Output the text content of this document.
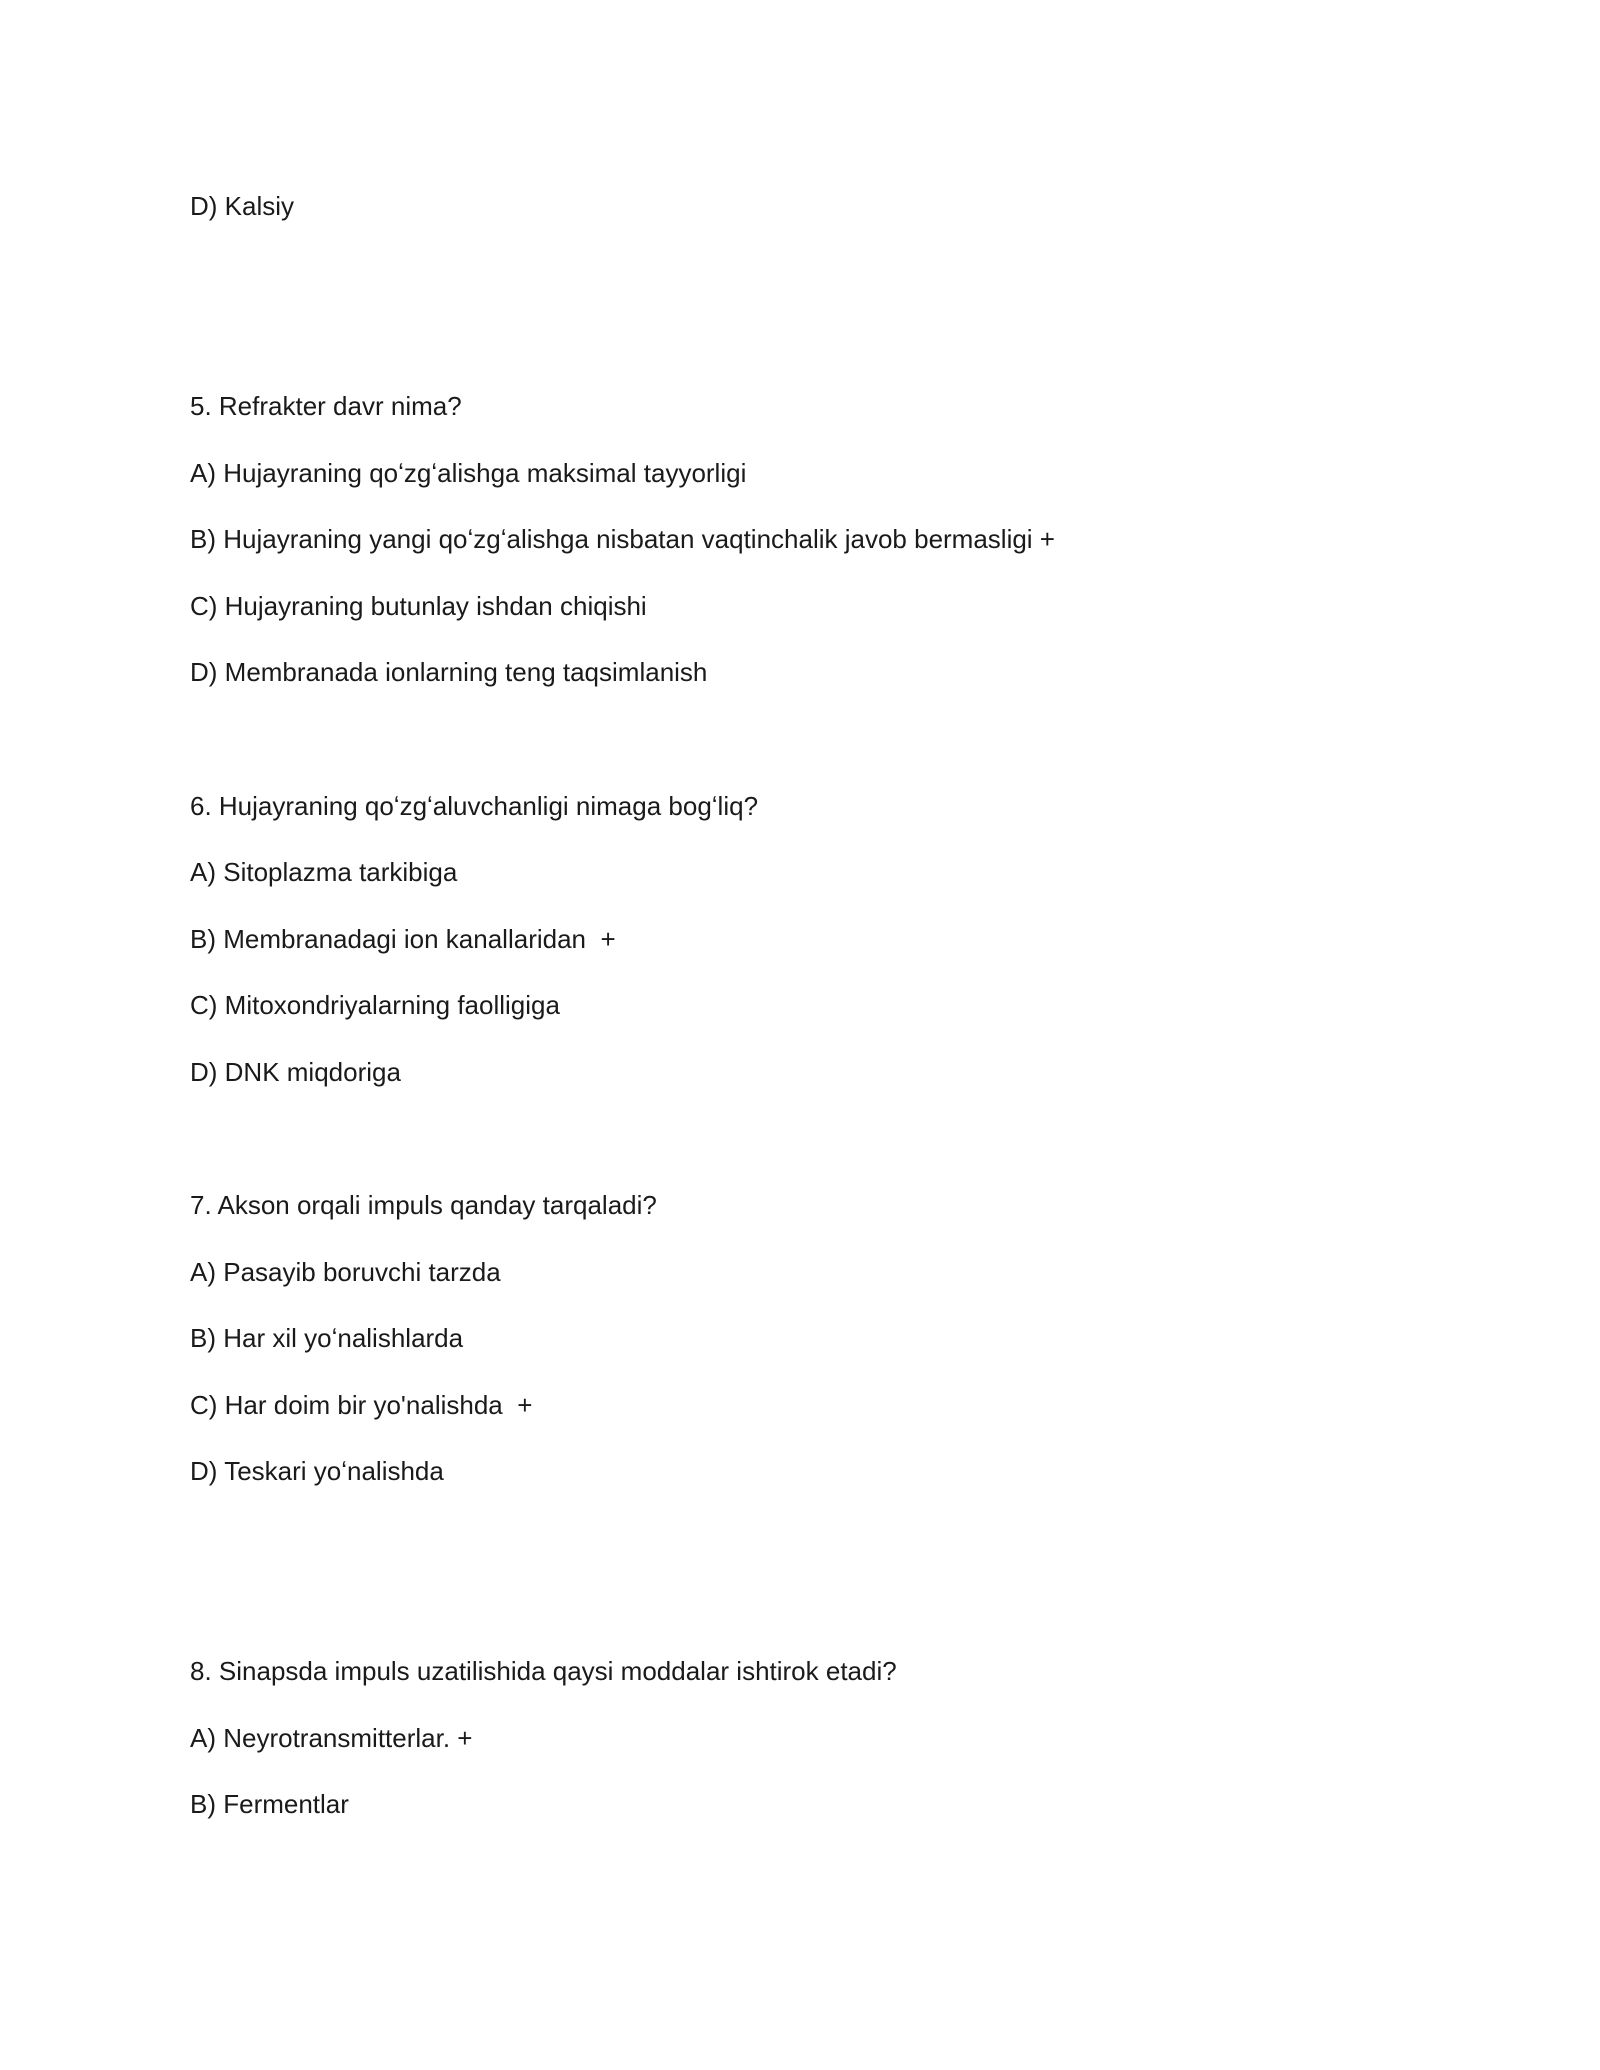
D) Kalsiy
5. Refrakter davr nima?
A) Hujayraning qoʻzgʻalishga maksimal tayyorligi
B) Hujayraning yangi qoʻzgʻalishga nisbatan vaqtinchalik javob bermasligi +
C) Hujayraning butunlay ishdan chiqishi
D) Membranada ionlarning teng taqsimlanish
6. Hujayraning qoʻzgʻaluvchanligi nimaga bogʻliq?
A) Sitoplazma tarkibiga
B) Membranadagi ion kanallaridan  +
C) Mitoxondriyalarning faolligiga
D) DNK miqdoriga
7. Akson orqali impuls qanday tarqaladi?
A) Pasayib boruvchi tarzda
B) Har xil yoʻnalishlarda
C) Har doim bir yo'nalishda  +
D) Teskari yoʻnalishda
8. Sinapsda impuls uzatilishida qaysi moddalar ishtirok etadi?
A) Neyrotransmitterlar. +
B) Fermentlar
